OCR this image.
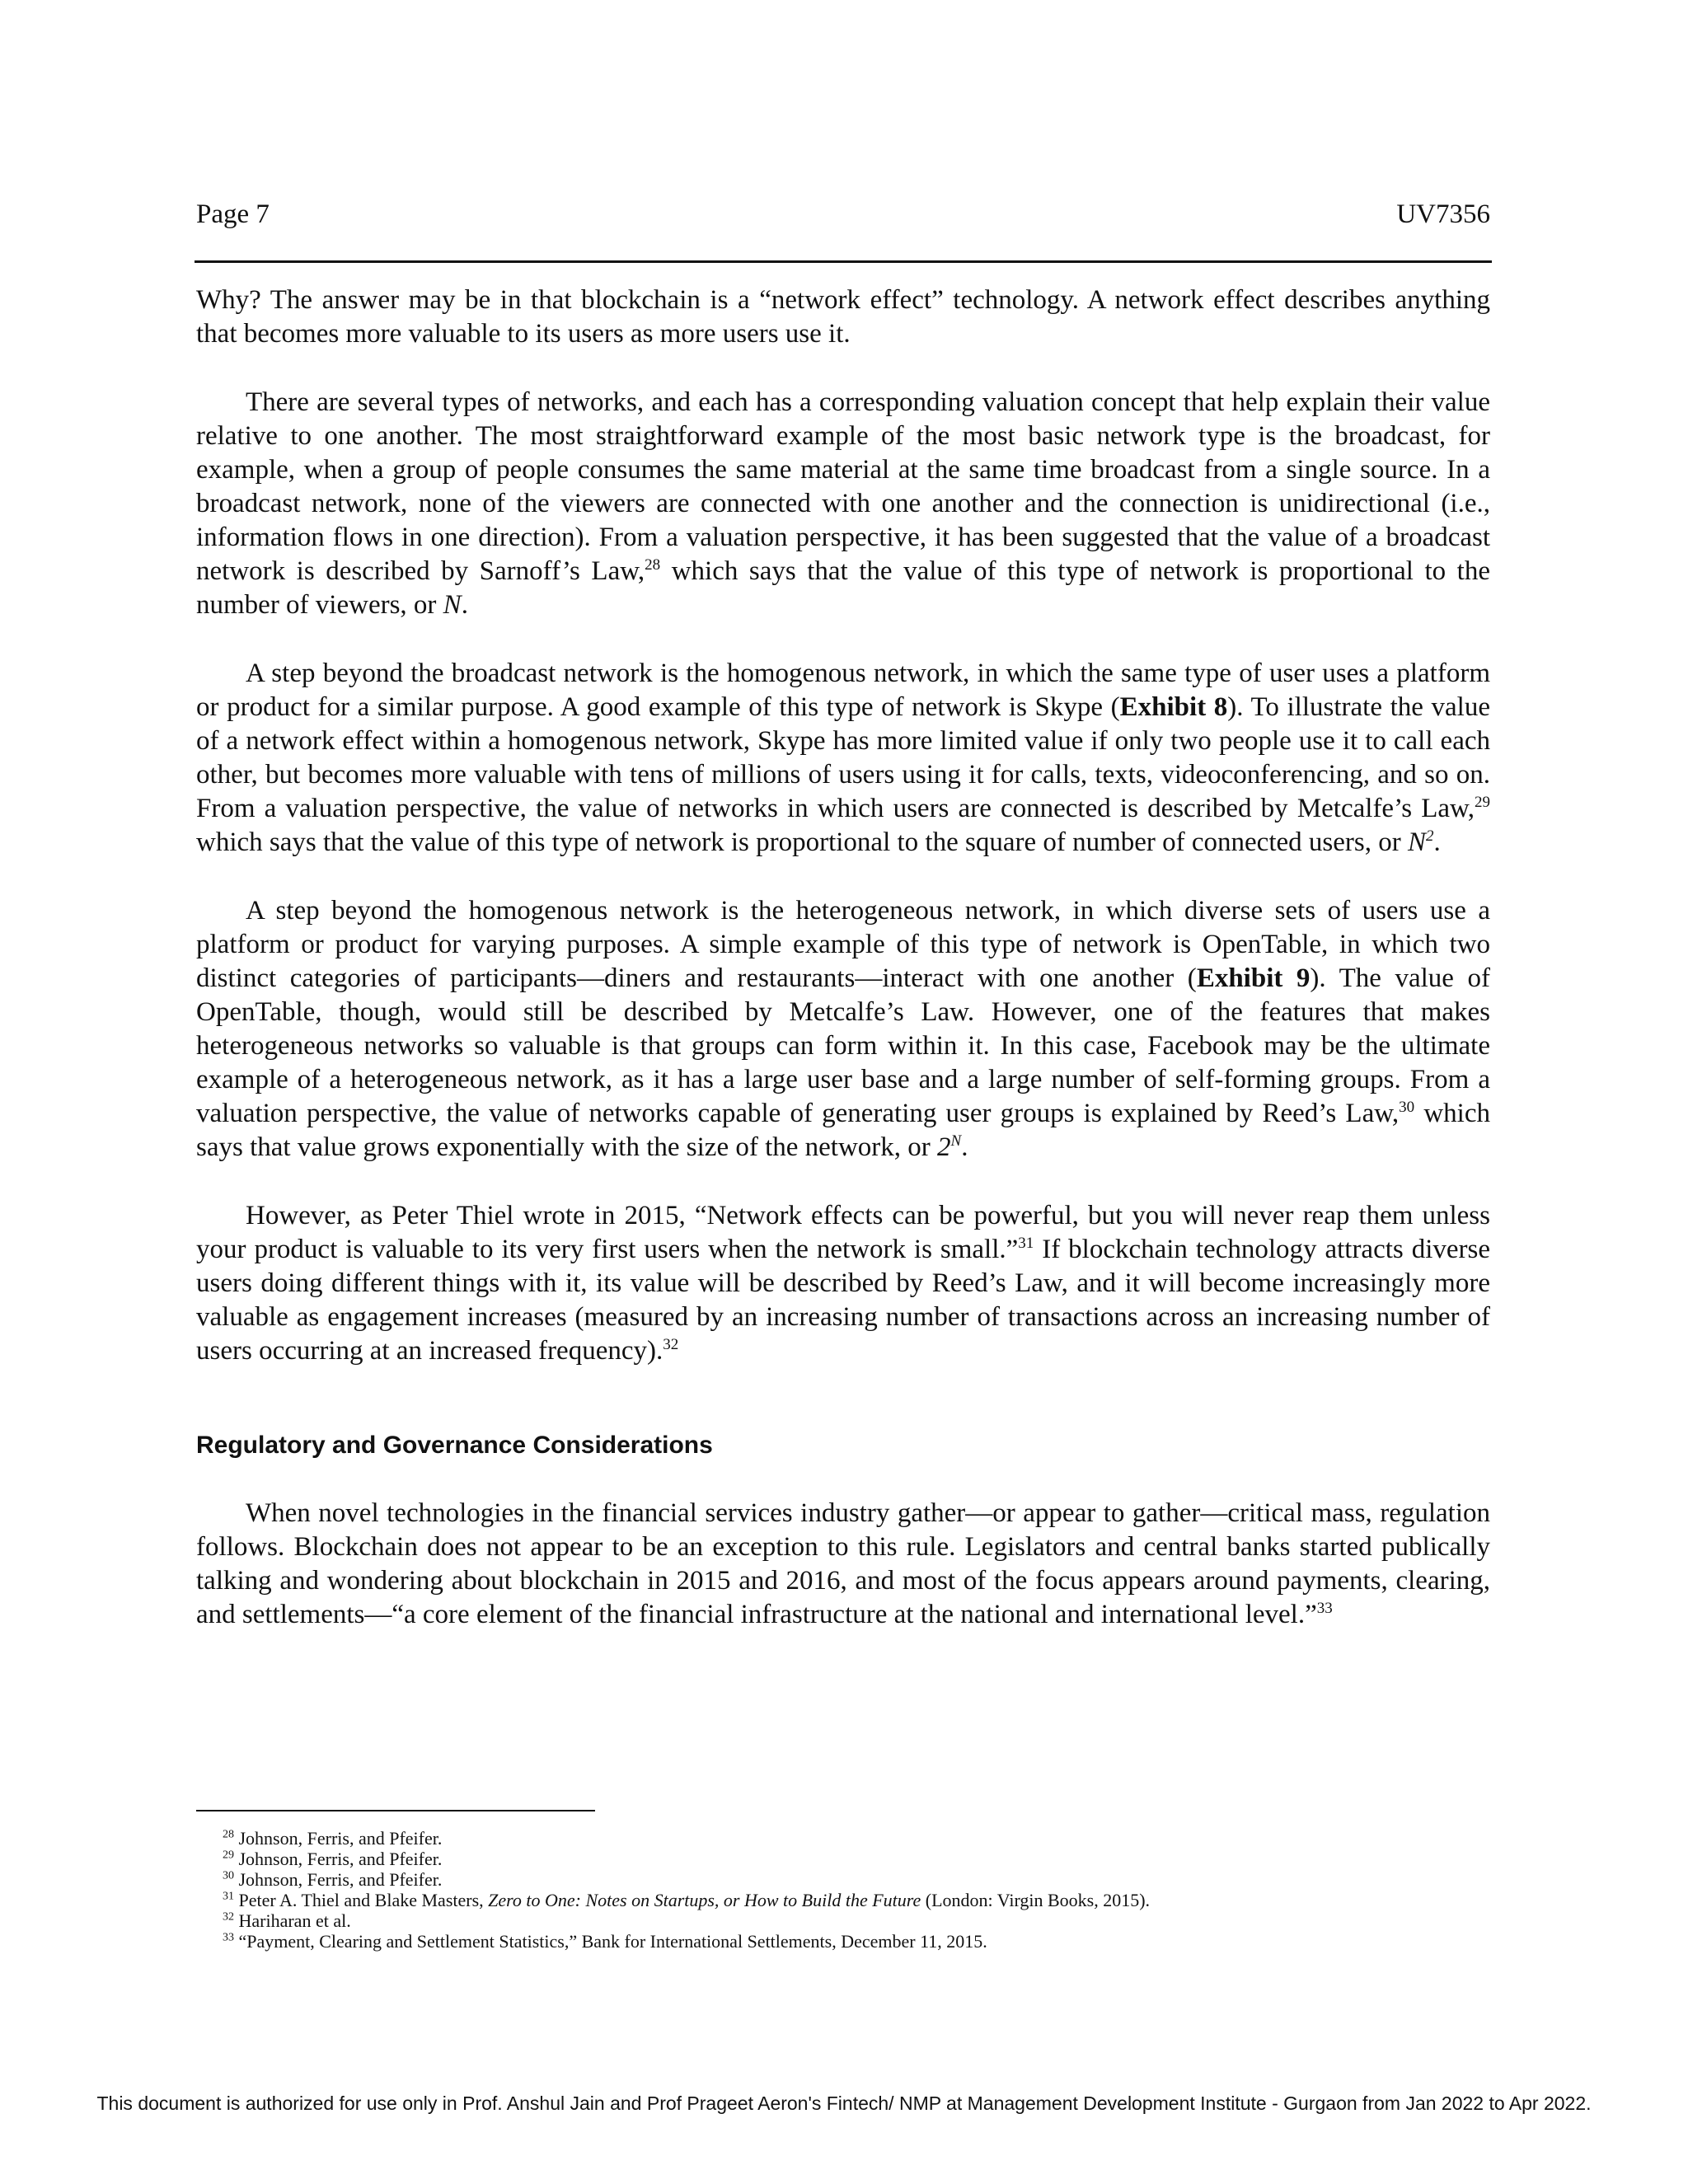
Page 7	UV7356

Why? The answer may be in that blockchain is a “network effect” technology. A network effect describes anything that becomes more valuable to its users as more users use it.

There are several types of networks, and each has a corresponding valuation concept that help explain their value relative to one another. The most straightforward example of the most basic network type is the broadcast, for example, when a group of people consumes the same material at the same time broadcast from a single source. In a broadcast network, none of the viewers are connected with one another and the connection is unidirectional (i.e., information flows in one direction). From a valuation perspective, it has been suggested that the value of a broadcast network is described by Sarnoff’s Law,$^{28}$ which says that the value of this type of network is proportional to the number of viewers, or N.

A step beyond the broadcast network is the homogenous network, in which the same type of user uses a platform or product for a similar purpose. A good example of this type of network is Skype (Exhibit 8). To illustrate the value of a network effect within a homogenous network, Skype has more limited value if only two people use it to call each other, but becomes more valuable with tens of millions of users using it for calls, texts, videoconferencing, and so on. From a valuation perspective, the value of networks in which users are connected is described by Metcalfe’s Law,$^{29}$ which says that the value of this type of network is proportional to the square of number of connected users, or $N^2$.

A step beyond the homogenous network is the heterogeneous network, in which diverse sets of users use a platform or product for varying purposes. A simple example of this type of network is OpenTable, in which two distinct categories of participants—diners and restaurants—interact with one another (Exhibit 9). The value of OpenTable, though, would still be described by Metcalfe’s Law. However, one of the features that makes heterogeneous networks so valuable is that groups can form within it. In this case, Facebook may be the ultimate example of a heterogeneous network, as it has a large user base and a large number of self-forming groups. From a valuation perspective, the value of networks capable of generating user groups is explained by Reed’s Law,$^{30}$ which says that value grows exponentially with the size of the network, or $2^N$.

However, as Peter Thiel wrote in 2015, “Network effects can be powerful, but you will never reap them unless your product is valuable to its very first users when the network is small.”$^{31}$ If blockchain technology attracts diverse users doing different things with it, its value will be described by Reed’s Law, and it will become increasingly more valuable as engagement increases (measured by an increasing number of transactions across an increasing number of users occurring at an increased frequency).$^{32}$

Regulatory and Governance Considerations

When novel technologies in the financial services industry gather—or appear to gather—critical mass, regulation follows. Blockchain does not appear to be an exception to this rule. Legislators and central banks started publically talking and wondering about blockchain in 2015 and 2016, and most of the focus appears around payments, clearing, and settlements—“a core element of the financial infrastructure at the national and international level.”$^{33}$

$^{28}$ Johnson, Ferris, and Pfeifer.

$^{29}$ Johnson, Ferris, and Pfeifer.

$^{30}$ Johnson, Ferris, and Pfeifer.

$^{31}$ Peter A. Thiel and Blake Masters, Zero to One: Notes on Startups, or How to Build the Future (London: Virgin Books, 2015).

$^{32}$ Hariharan et al.

$^{33}$ “Payment, Clearing and Settlement Statistics,” Bank for International Settlements, December 11, 2015.

This document is authorized for use only in Prof. Anshul Jain and Prof Prageet Aeron's Fintech/ NMP at Management Development Institute - Gurgaon from Jan 2022 to Apr 2022.
